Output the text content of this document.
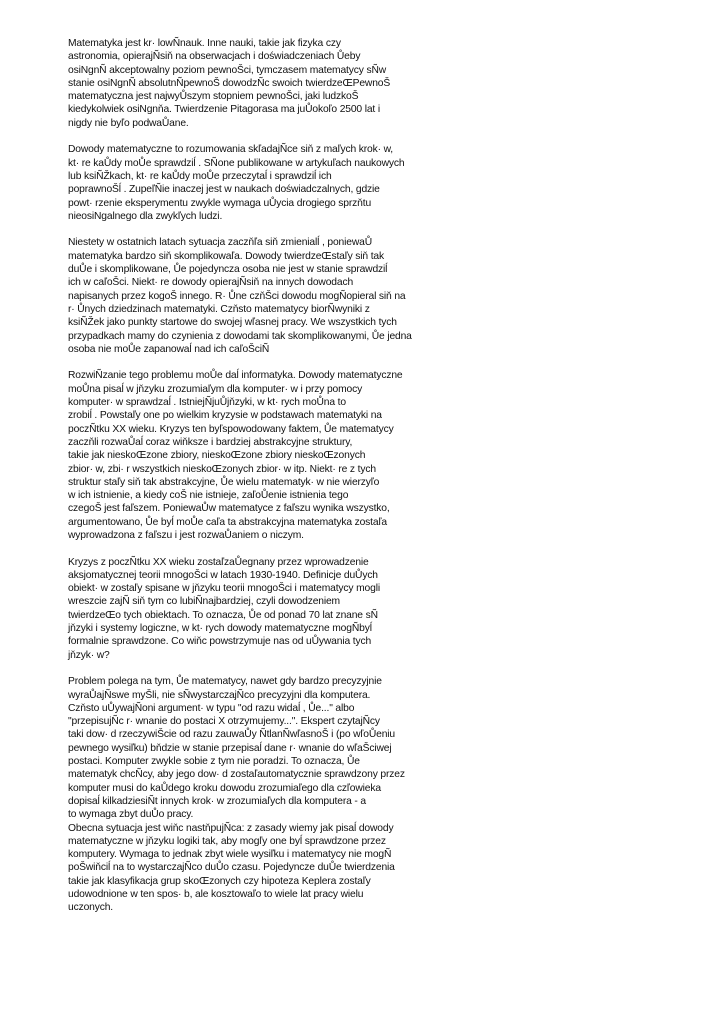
Matematyka jest kr· lowÑnauk. Inne nauki, takie jak fizyka czy
astronomia, opierajÑsiň na obserwacjach i doświadczeniach Ůeby
osiNgnÑ akceptowalny poziom pewnoŠci, tymczasem matematycy sÑw
stanie osiNgnÑ absolutnÑpewnoŠ dowodzÑc swoich twierdzeŒPewnoŠ
matematyczna jest najwyŮszym stopniem pewnoŠci, jaki ludzkoŠ
kiedykolwiek osiNgnňa. Twierdzenie Pitagorasa ma juŮokoľo 2500 lat i
nigdy nie byľo podwaŮane.
Dowody matematyczne to rozumowania skľadajÑce siň z maľych krok· w,
kt· re kaŮdy moŮe sprawdziĺ . SÑone publikowane w artykuľach naukowych
lub ksiÑŽkach, kt· re kaŮdy moŮe przeczytaĺ i sprawdziĺ ich
poprawnoŠĺ . ZupeľÑie inaczej jest w naukach doświadczalnych, gdzie
powt· rzenie eksperymentu zwykle wymaga uŮycia drogiego sprzňtu
nieosiNgalnego dla zwykľych ludzi.
Niestety w ostatnich latach sytuacja zaczňľa siň zmienialĺ , poniewaŮ
matematyka bardzo siň skomplikowaľa. Dowody twierdzeŒstaľy siň tak
duŮe i skomplikowane, Ůe pojedyncza osoba nie jest w stanie sprawdziĺ
ich w caľoŠci. Niekt· re dowody opierajÑsiň na innych dowodach
napisanych przez kogoŠ innego. R· Ůne czňŠci dowodu mogÑopieral siň na
r· Ůnych dziedzinach matematyki. Czňsto matematycy biorÑwyniki z
ksiÑŽek jako punkty startowe do swojej wľasnej pracy. We wszystkich tych
przypadkach mamy do czynienia z dowodami tak skomplikowanymi, Ůe jedna
osoba nie moŮe zapanowaĺ nad ich caľoŠciÑ
RozwiÑzanie tego problemu moŮe daĺ informatyka. Dowody matematyczne
moŮna pisaĺ w jňzyku zrozumiaľym dla komputer· w i przy pomocy
komputer· w sprawdzaĺ . IstniejÑjuŮjňzyki, w kt· rych moŮna to
zrobiĺ . Powstaľy one po wielkim kryzysie w podstawach matematyki na
poczÑtku XX wieku. Kryzys ten byľspowodowany faktem, Ůe matematycy
zaczňli rozwaŮaĺ coraz wiňksze i bardziej abstrakcyjne struktury,
takie jak nieskoŒzone zbiory, nieskoŒzone zbiory nieskoŒzonych
zbior· w, zbi· r wszystkich nieskoŒzonych zbior· w itp. Niekt· re z tych
struktur staľy siň tak abstrakcyjne, Ůe wielu matematyk· w nie wierzyľo
w ich istnienie, a kiedy coŠ nie istnieje, zaľoŮenie istnienia tego
czegoŠ jest faľszem. PoniewaŮw matematyce z faľszu wynika wszystko,
argumentowano, Ůe byĺ moŮe caľa ta abstrakcyjna matematyka zostaľa
wyprowadzona z faľszu i jest rozwaŮaniem o niczym.
Kryzys z poczÑtku XX wieku zostaľzaŮegnany przez wprowadzenie
aksjomatycznej teorii mnogoŠci w latach 1930-1940. Definicje duŮych
obiekt· w zostaľy spisane w jňzyku teorii mnogoŠci i matematycy mogli
wreszcie zajÑ siň tym co lubiÑnajbardziej, czyli dowodzeniem
twierdzeŒo tych obiektach. To oznacza, Ůe od ponad 70 lat znane sÑ
jňzyki i systemy logiczne, w kt· rych dowody matematyczne mogÑbyĺ
formalnie sprawdzone. Co wiňc powstrzymuje nas od uŮywania tych
jňzyk· w?
Problem polega na tym, Ůe matematycy, nawet gdy bardzo precyzyjnie
wyraŮajÑswe myŠli, nie sÑwystarczajÑco precyzyjni dla komputera.
Czňsto uŮywajÑoni argument· w typu "od razu widaĺ , Ůe..." albo
"przepisujÑc r· wnanie do postaci X otrzymujemy...". Ekspert czytajÑcy
taki dow· d rzeczywiŠcie od razu zauwaŮy ÑtlanÑwľasnoŠ i (po wľoŮeniu
pewnego wysiľku) bňdzie w stanie przepisaĺ dane r· wnanie do wľaŠciwej
postaci. Komputer zwykle sobie z tym nie poradzi. To oznacza, Ůe
matematyk chcÑcy, aby jego dow· d zostaľautomatycznie sprawdzony przez
komputer musi do kaŮdego kroku dowodu zrozumiaľego dla czľowieka
dopisaĺ kilkadziesiÑt innych krok· w zrozumiaľych dla komputera - a
to wymaga zbyt duŮo pracy.
Obecna sytuacja jest wiňc nastňpujÑca: z zasady wiemy jak pisaĺ dowody
matematyczne w jňzyku logiki tak, aby mogľy one byĺ sprawdzone przez
komputery. Wymaga to jednak zbyt wiele wysiľku i matematycy nie mogÑ
poŠwiňciĺ na to wystarczajÑco duŮo czasu. Pojedyncze duŮe twierdzenia
takie jak klasyfikacja grup skoŒzonych czy hipoteza Keplera zostaľy
udowodnione w ten spos· b, ale kosztowaľo to wiele lat pracy wielu
uczonych.
